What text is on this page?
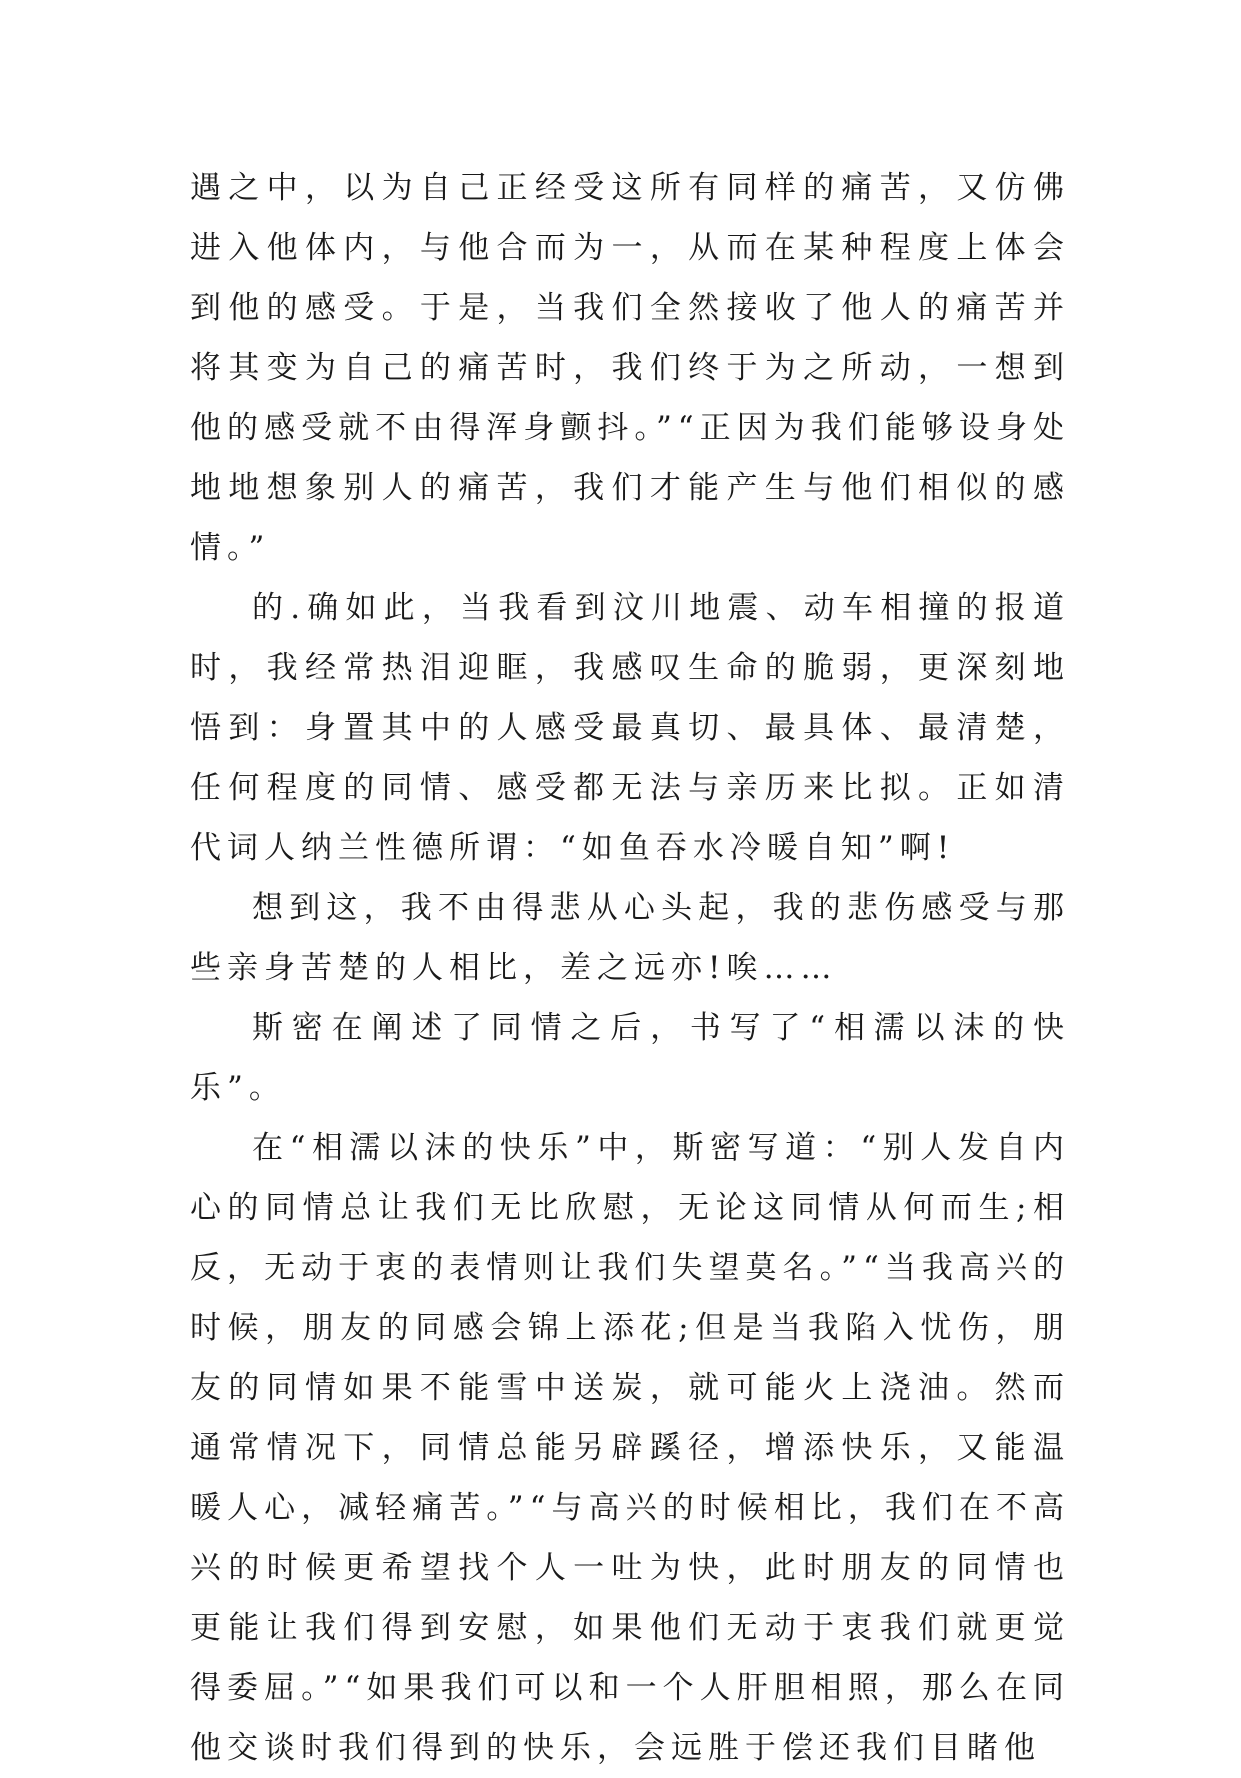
遇之中，以为自己正经受这所有同样的痛苦，又仿佛进入他体内，与他合而为一，从而在某种程度上体会到他的感受。于是，当我们全然接收了他人的痛苦并将其变为自己的痛苦时，我们终于为之所动，一想到他的感受就不由得浑身颤抖。”“正因为我们能够设身处地地想象别人的痛苦，我们才能产生与他们相似的感情。”

的.确如此，当我看到汶川地震、动车相撞的报道时，我经常热泪迎眶，我感叹生命的脆弱，更深刻地悟到：身置其中的人感受最真切、最具体、最清楚，任何程度的同情、感受都无法与亲历来比拟。正如清代词人纳兰性德所谓：“如鱼吞水冷暖自知”啊!

想到这，我不由得悲从心头起，我的悲伤感受与那些亲身苦楚的人相比，差之远亦!唉……

斯密在阐述了同情之后，书写了“相濡以沫的快乐”。

在“相濡以沫的快乐”中，斯密写道：“别人发自内心的同情总让我们无比欣慰，无论这同情从何而生;相反，无动于衷的表情则让我们失望莫名。”“当我高兴的时候，朋友的同感会锦上添花;但是当我陷入忧伤，朋友的同情如果不能雪中送炭，就可能火上浇油。然而通常情况下，同情总能另辟蹊径，增添快乐，又能温暖人心，减轻痛苦。”“与高兴的时候相比，我们在不高兴的时候更希望找个人一吐为快，此时朋友的同情也更能让我们得到安慰，如果他们无动于衷我们就更觉得委屈。”“如果我们可以和一个人肝胆相照，那么在同他交谈时我们得到的快乐，会远胜于偿还我们目睹他
